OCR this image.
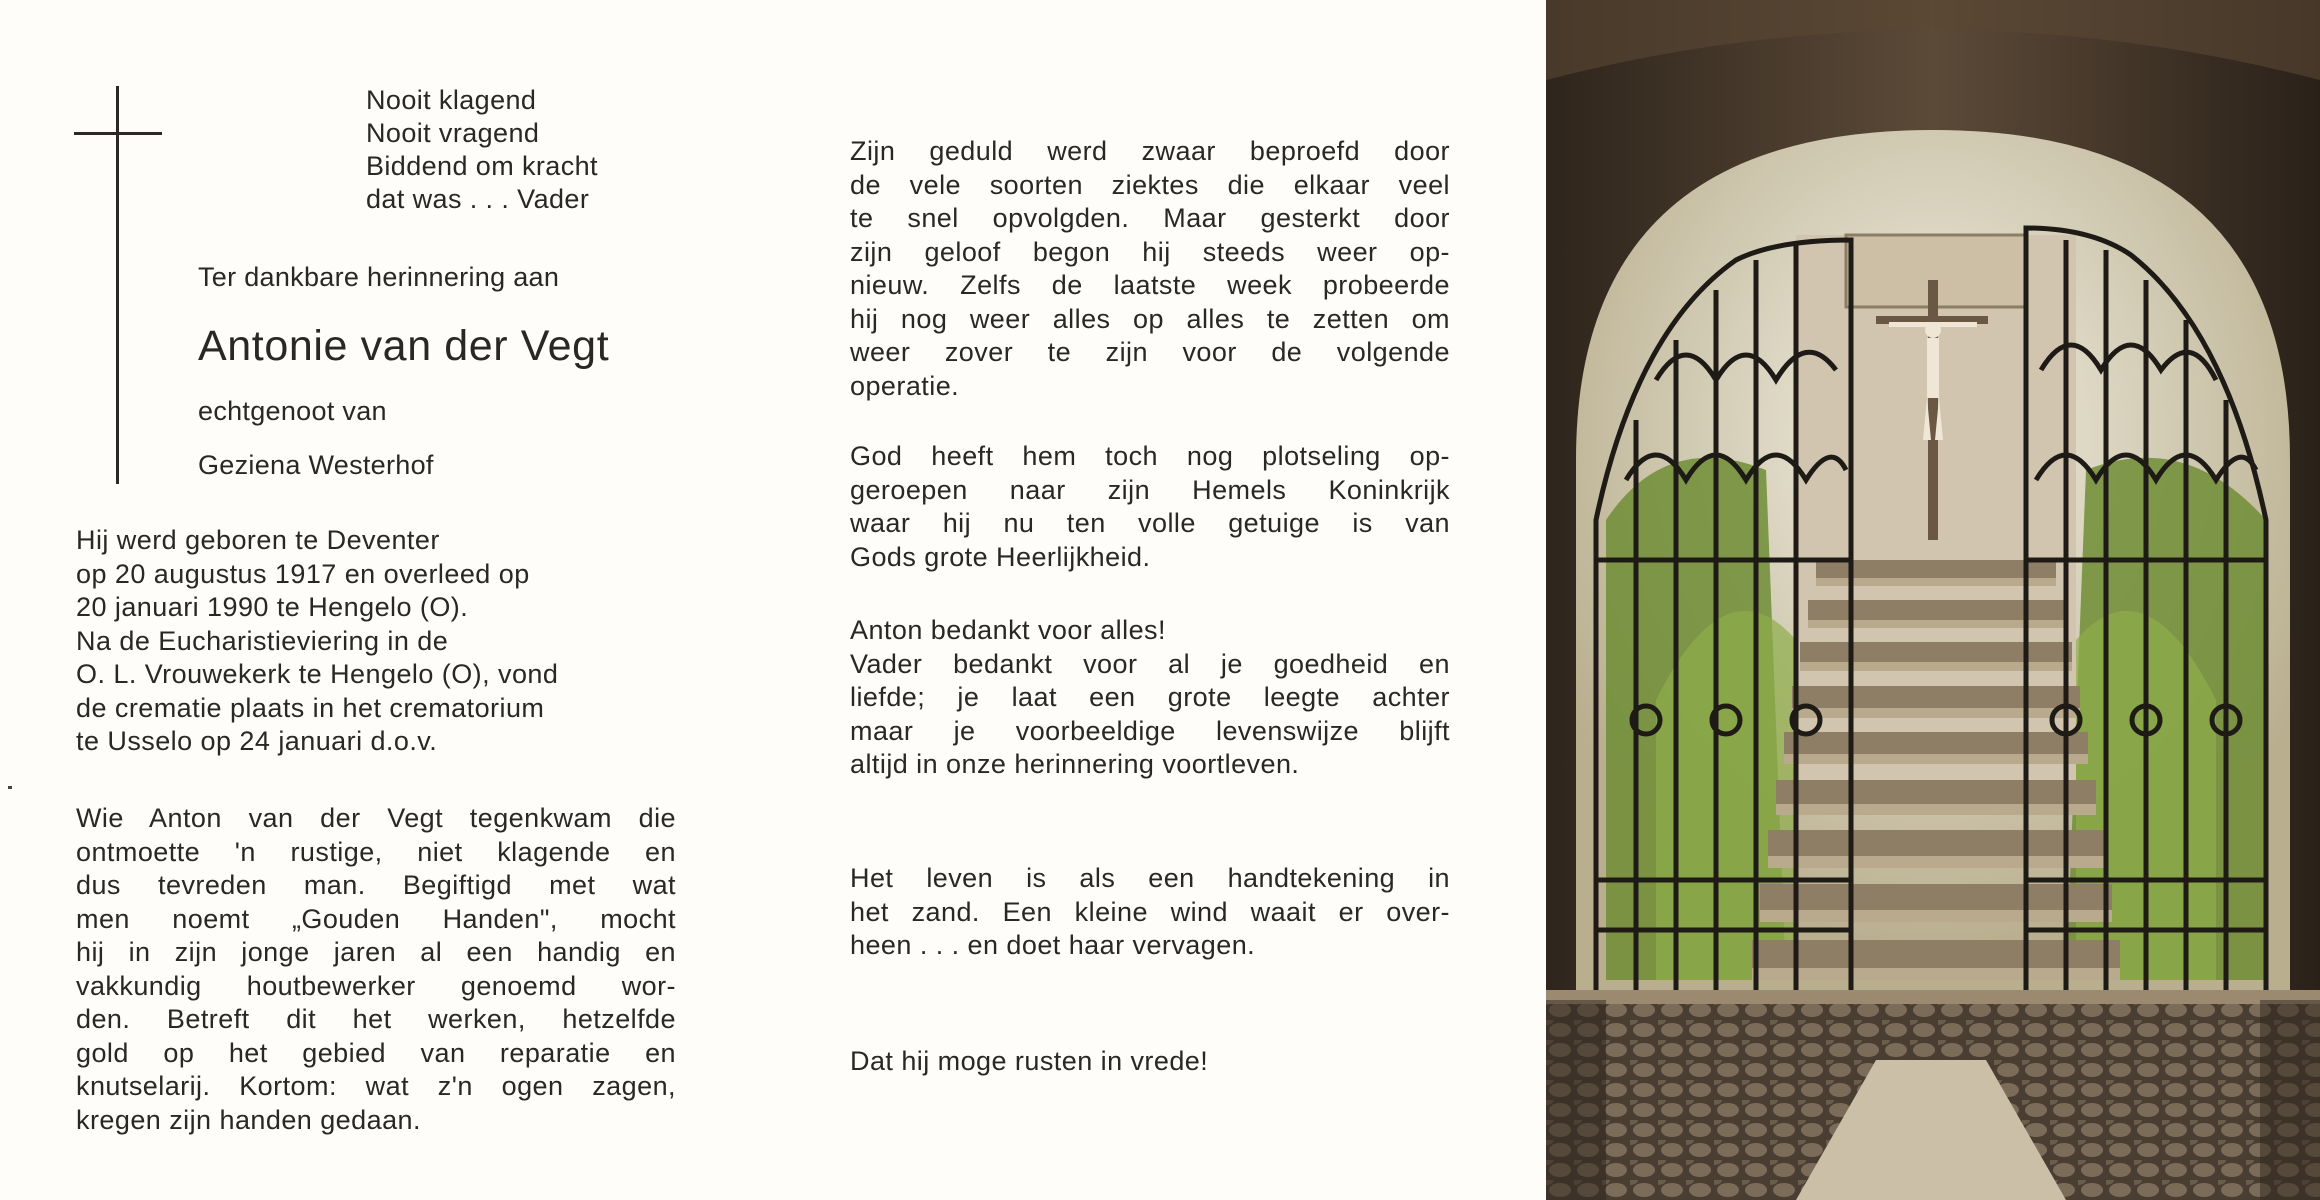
Nooit klagend
Nooit vragend
Biddend om kracht
dat was . . . Vader
Ter dankbare herinnering aan
Antonie van der Vegt
echtgenoot van
Geziena Westerhof
Hij werd geboren te Deventer
op 20 augustus 1917 en overleed op
20 januari 1990 te Hengelo (O).
Na de Eucharistieviering in de
O. L. Vrouwekerk te Hengelo (O), vond
de crematie plaats in het crematorium
te Usselo op 24 januari d.o.v.
Wie Anton van der Vegt tegenkwam die
ontmoette 'n rustige, niet klagende en
dus tevreden man. Begiftigd met wat
men noemt „Gouden Handen", mocht
hij in zijn jonge jaren al een handig en
vakkundig houtbewerker genoemd wor-
den. Betreft dit het werken, hetzelfde
gold op het gebied van reparatie en
knutselarij. Kortom: wat z'n ogen zagen,
kregen zijn handen gedaan.
Zijn geduld werd zwaar beproefd door
de vele soorten ziektes die elkaar veel
te snel opvolgden. Maar gesterkt door
zijn geloof begon hij steeds weer op-
nieuw. Zelfs de laatste week probeerde
hij nog weer alles op alles te zetten om
weer zover te zijn voor de volgende
operatie.
God heeft hem toch nog plotseling op-
geroepen naar zijn Hemels Koninkrijk
waar hij nu ten volle getuige is van
Gods grote Heerlijkheid.
Anton bedankt voor alles!
Vader bedankt voor al je goedheid en
liefde; je laat een grote leegte achter
maar je voorbeeldige levenswijze blijft
altijd in onze herinnering voortleven.
Het leven is als een handtekening in
het zand. Een kleine wind waait er over-
heen . . . en doet haar vervagen.
Dat hij moge rusten in vrede!
